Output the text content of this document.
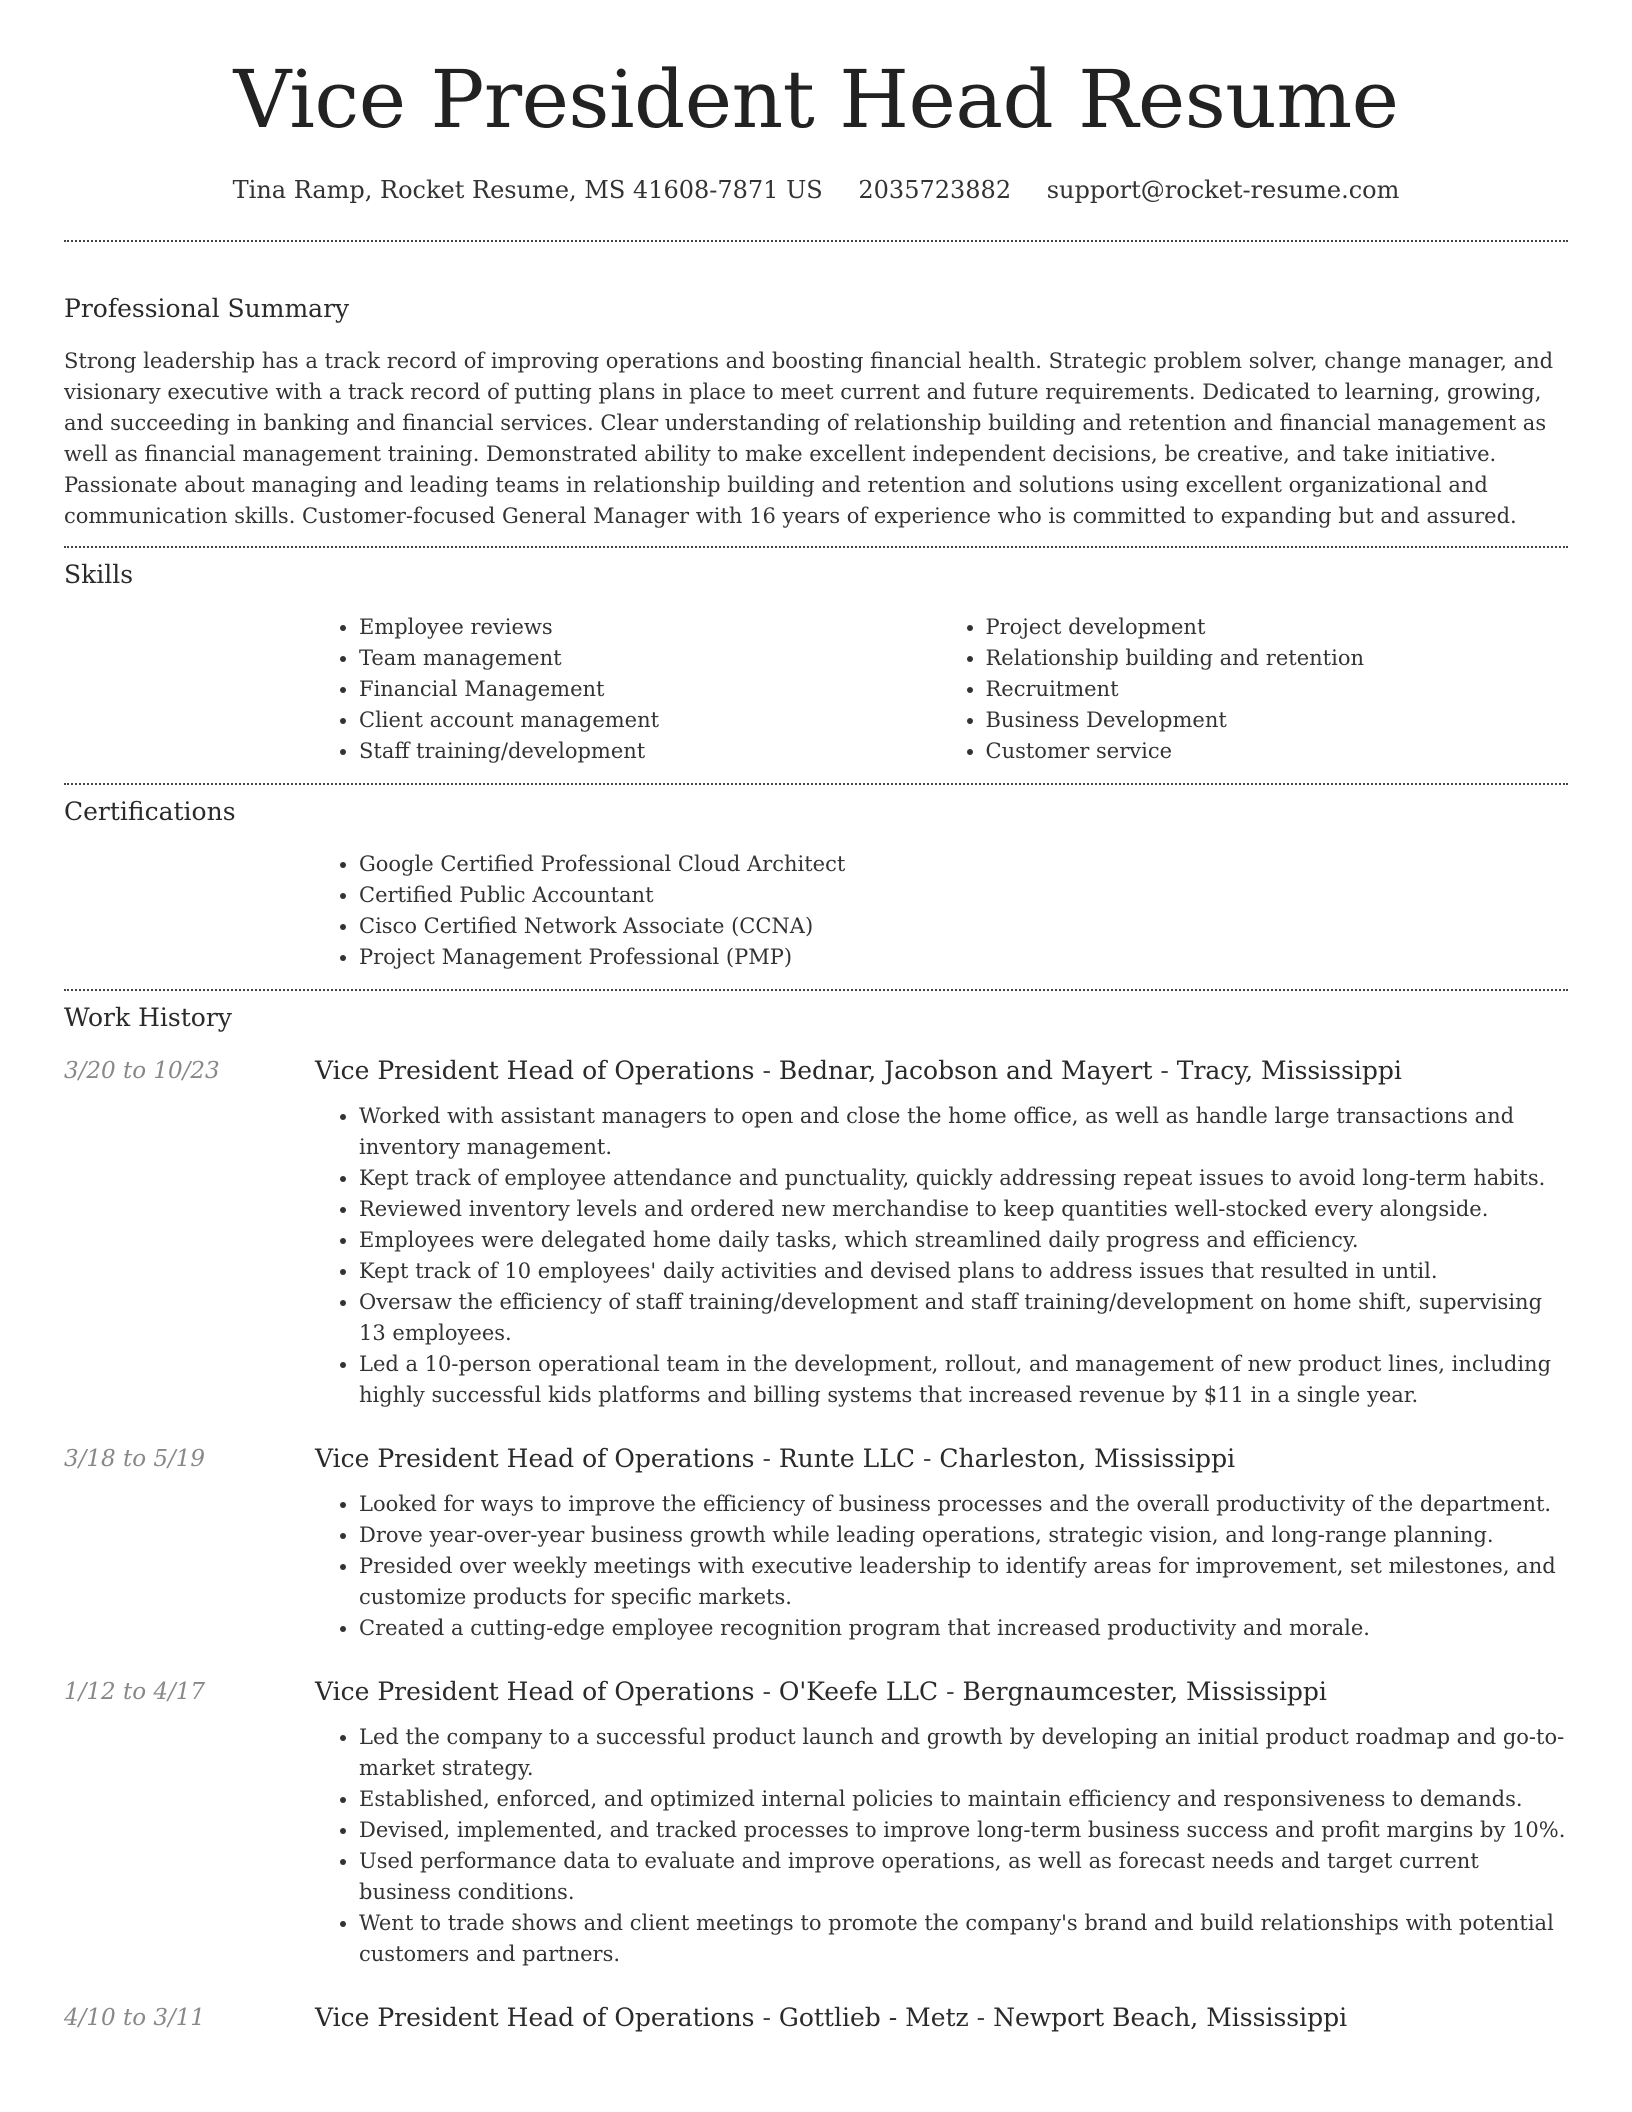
Vice President Head Resume
Tina Ramp, Rocket Resume, MS 41608-7871 US 2035723882 support@rocket-resume.com
Professional Summary

Strong leadership has a track record of improving operations and boosting financial health. Strategic problem solver, change manager, and visionary executive with a track record of putting plans in place to meet current and future requirements. Dedicated to learning, growing, and succeeding in banking and financial services. Clear understanding of relationship building and retention and financial management as well as financial management training. Demonstrated ability to make excellent independent decisions, be creative, and take initiative. Passionate about managing and leading teams in relationship building and retention and solutions using excellent organizational and communication skills. Customer-focused General Manager with 16 years of experience who is committed to expanding but and assured.

Skills
• Employee reviews
• Team management
• Financial Management
• Client account management
• Staff training/development
• Project development
• Relationship building and retention
• Recruitment
• Business Development
• Customer service
Certifications
• Google Certified Professional Cloud Architect
• Certified Public Accountant
• Cisco Certified Network Associate (CCNA)
• Project Management Professional (PMP)
Work History
3/20 to 10/23	Vice President Head of Operations - Bednar, Jacobson and Mayert - Tracy, Mississippi
• Worked with assistant managers to open and close the home office, as well as handle large transactions and inventory management.
• Kept track of employee attendance and punctuality, quickly addressing repeat issues to avoid long-term habits.
• Reviewed inventory levels and ordered new merchandise to keep quantities well-stocked every alongside.
• Employees were delegated home daily tasks, which streamlined daily progress and efficiency.
• Kept track of 10 employees' daily activities and devised plans to address issues that resulted in until.
• Oversaw the efficiency of staff training/development and staff training/development on home shift, supervising 13 employees.
• Led a 10-person operational team in the development, rollout, and management of new product lines, including highly successful kids platforms and billing systems that increased revenue by $11 in a single year.
3/18 to 5/19	Vice President Head of Operations - Runte LLC - Charleston, Mississippi
• Looked for ways to improve the efficiency of business processes and the overall productivity of the department.
• Drove year-over-year business growth while leading operations, strategic vision, and long-range planning.
• Presided over weekly meetings with executive leadership to identify areas for improvement, set milestones, and customize products for specific markets.
• Created a cutting-edge employee recognition program that increased productivity and morale.
1/12 to 4/17	Vice President Head of Operations - O'Keefe LLC - Bergnaumcester, Mississippi
• Led the company to a successful product launch and growth by developing an initial product roadmap and go-to-market strategy.
• Established, enforced, and optimized internal policies to maintain efficiency and responsiveness to demands.
• Devised, implemented, and tracked processes to improve long-term business success and profit margins by 10%.
• Used performance data to evaluate and improve operations, as well as forecast needs and target current business conditions.
• Went to trade shows and client meetings to promote the company's brand and build relationships with potential customers and partners.
4/10 to 3/11	Vice President Head of Operations - Gottlieb - Metz - Newport Beach, Mississippi
